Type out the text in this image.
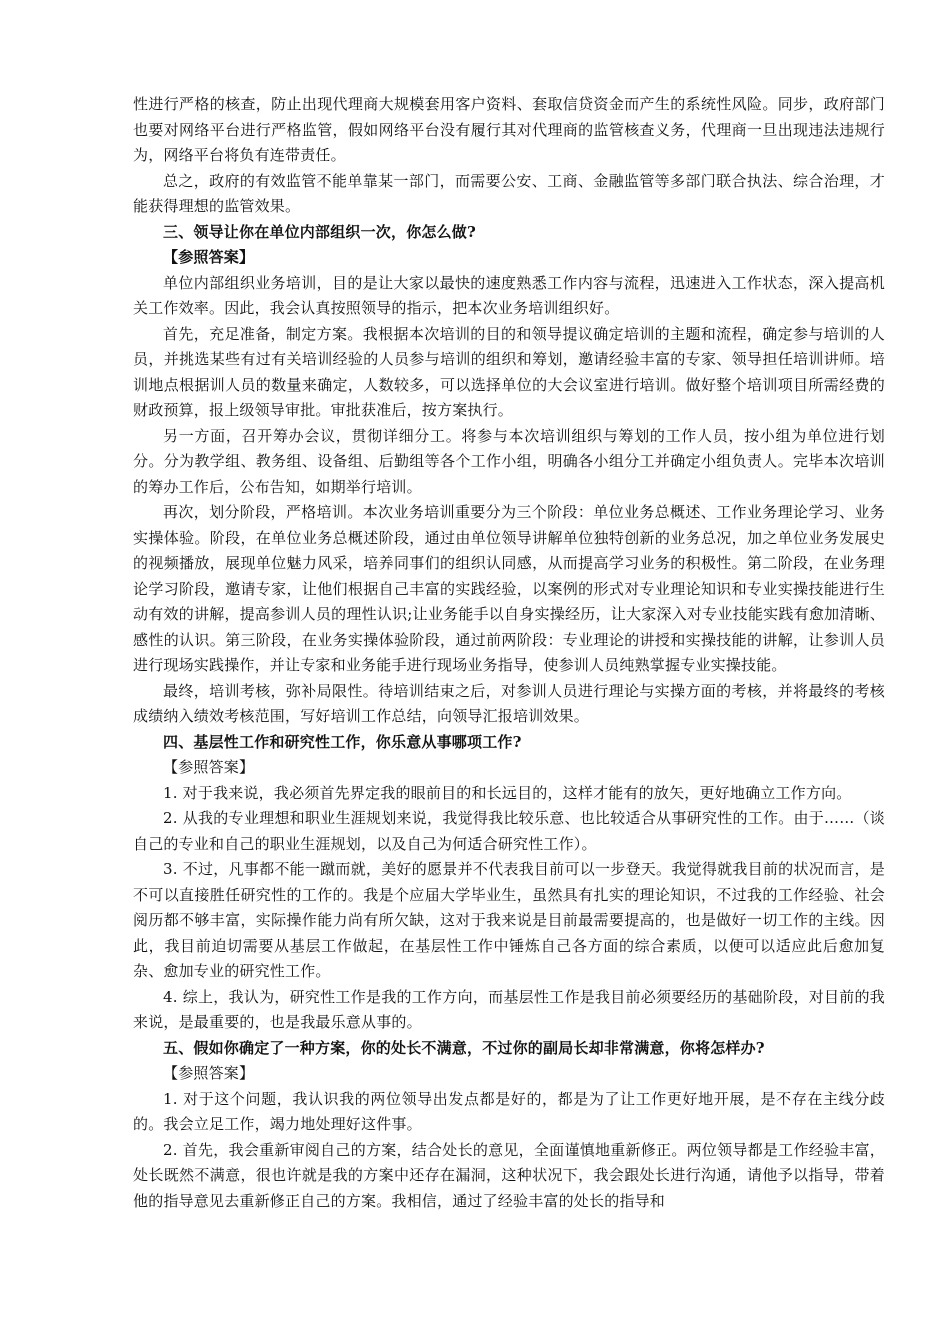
性进行严格的核查，防止出现代理商大规模套用客户资料、套取信贷资金而产生的系统性风险。同步，政府部门也要对网络平台进行严格监管，假如网络平台没有履行其对代理商的监管核查义务，代理商一旦出现违法违规行为，网络平台将负有连带责任。

总之，政府的有效监管不能单靠某一部门，而需要公安、工商、金融监管等多部门联合执法、综合治理，才能获得理想的监管效果。

三、领导让你在单位内部组织一次，你怎么做?

【参照答案】

单位内部组织业务培训，目的是让大家以最快的速度熟悉工作内容与流程，迅速进入工作状态，深入提高机关工作效率。因此，我会认真按照领导的指示，把本次业务培训组织好。

首先，充足准备，制定方案。我根据本次培训的目的和领导提议确定培训的主题和流程，确定参与培训的人员，并挑选某些有过有关培训经验的人员参与培训的组织和筹划，邀请经验丰富的专家、领导担任培训讲师。培训地点根据训人员的数量来确定，人数较多，可以选择单位的大会议室进行培训。做好整个培训项目所需经费的财政预算，报上级领导审批。审批获准后，按方案执行。

另一方面，召开筹办会议，贯彻详细分工。将参与本次培训组织与筹划的工作人员，按小组为单位进行划分。分为教学组、教务组、设备组、后勤组等各个工作小组，明确各小组分工并确定小组负责人。完毕本次培训的筹办工作后，公布告知，如期举行培训。

再次，划分阶段，严格培训。本次业务培训重要分为三个阶段：单位业务总概述、工作业务理论学习、业务实操体验。阶段，在单位业务总概述阶段，通过由单位领导讲解单位独特创新的业务总况，加之单位业务发展史的视频播放，展现单位魅力风采，培养同事们的组织认同感，从而提高学习业务的积极性。第二阶段，在业务理论学习阶段，邀请专家，让他们根据自己丰富的实践经验，以案例的形式对专业理论知识和专业实操技能进行生动有效的讲解，提高参训人员的理性认识;让业务能手以自身实操经历，让大家深入对专业技能实践有愈加清晰、感性的认识。第三阶段，在业务实操体验阶段，通过前两阶段：专业理论的讲授和实操技能的讲解，让参训人员进行现场实践操作，并让专家和业务能手进行现场业务指导，使参训人员纯熟掌握专业实操技能。

最终，培训考核，弥补局限性。待培训结束之后，对参训人员进行理论与实操方面的考核，并将最终的考核成绩纳入绩效考核范围，写好培训工作总结，向领导汇报培训效果。

四、基层性工作和研究性工作，你乐意从事哪项工作?

【参照答案】

1. 对于我来说，我必须首先界定我的眼前目的和长远目的，这样才能有的放矢，更好地确立工作方向。

2. 从我的专业理想和职业生涯规划来说，我觉得我比较乐意、也比较适合从事研究性的工作。由于……（谈自己的专业和自己的职业生涯规划，以及自己为何适合研究性工作）。

3. 不过，凡事都不能一蹴而就，美好的愿景并不代表我目前可以一步登天。我觉得就我目前的状况而言，是不可以直接胜任研究性的工作的。我是个应届大学毕业生，虽然具有扎实的理论知识，不过我的工作经验、社会阅历都不够丰富，实际操作能力尚有所欠缺，这对于我来说是目前最需要提高的，也是做好一切工作的主线。因此，我目前迫切需要从基层工作做起，在基层性工作中锤炼自己各方面的综合素质，以便可以适应此后愈加复杂、愈加专业的研究性工作。

4. 综上，我认为，研究性工作是我的工作方向，而基层性工作是我目前必须要经历的基础阶段，对目前的我来说，是最重要的，也是我最乐意从事的。

五、假如你确定了一种方案，你的处长不满意，不过你的副局长却非常满意，你将怎样办?

【参照答案】

1. 对于这个问题，我认识我的两位领导出发点都是好的，都是为了让工作更好地开展，是不存在主线分歧的。我会立足工作，竭力地处理好这件事。

2. 首先，我会重新审阅自己的方案，结合处长的意见，全面谨慎地重新修正。两位领导都是工作经验丰富，处长既然不满意，很也许就是我的方案中还存在漏洞，这种状况下，我会跟处长进行沟通，请他予以指导，带着他的指导意见去重新修正自己的方案。我相信，通过了经验丰富的处长的指导和
